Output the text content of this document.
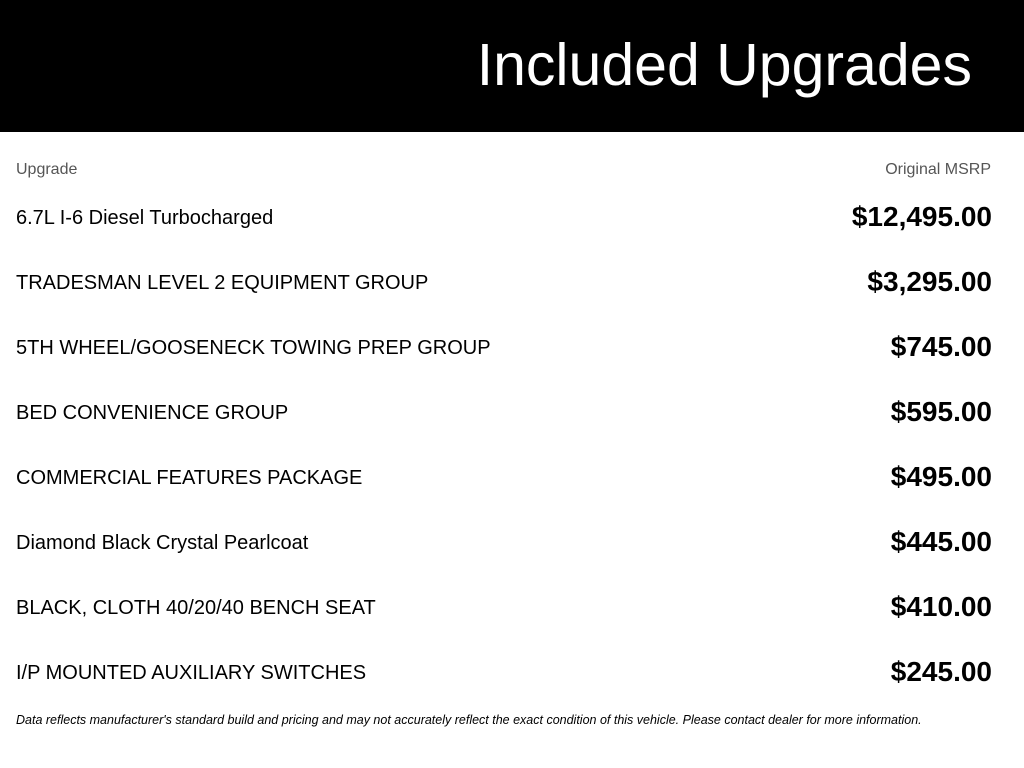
Included Upgrades
Upgrade	Original MSRP
6.7L I-6 Diesel Turbocharged	$12,495.00
TRADESMAN LEVEL 2 EQUIPMENT GROUP	$3,295.00
5TH WHEEL/GOOSENECK TOWING PREP GROUP	$745.00
BED CONVENIENCE GROUP	$595.00
COMMERCIAL FEATURES PACKAGE	$495.00
Diamond Black Crystal Pearlcoat	$445.00
BLACK, CLOTH 40/20/40 BENCH SEAT	$410.00
I/P MOUNTED AUXILIARY SWITCHES	$245.00
Data reflects manufacturer's standard build and pricing and may not accurately reflect the exact condition of this vehicle. Please contact dealer for more information.
